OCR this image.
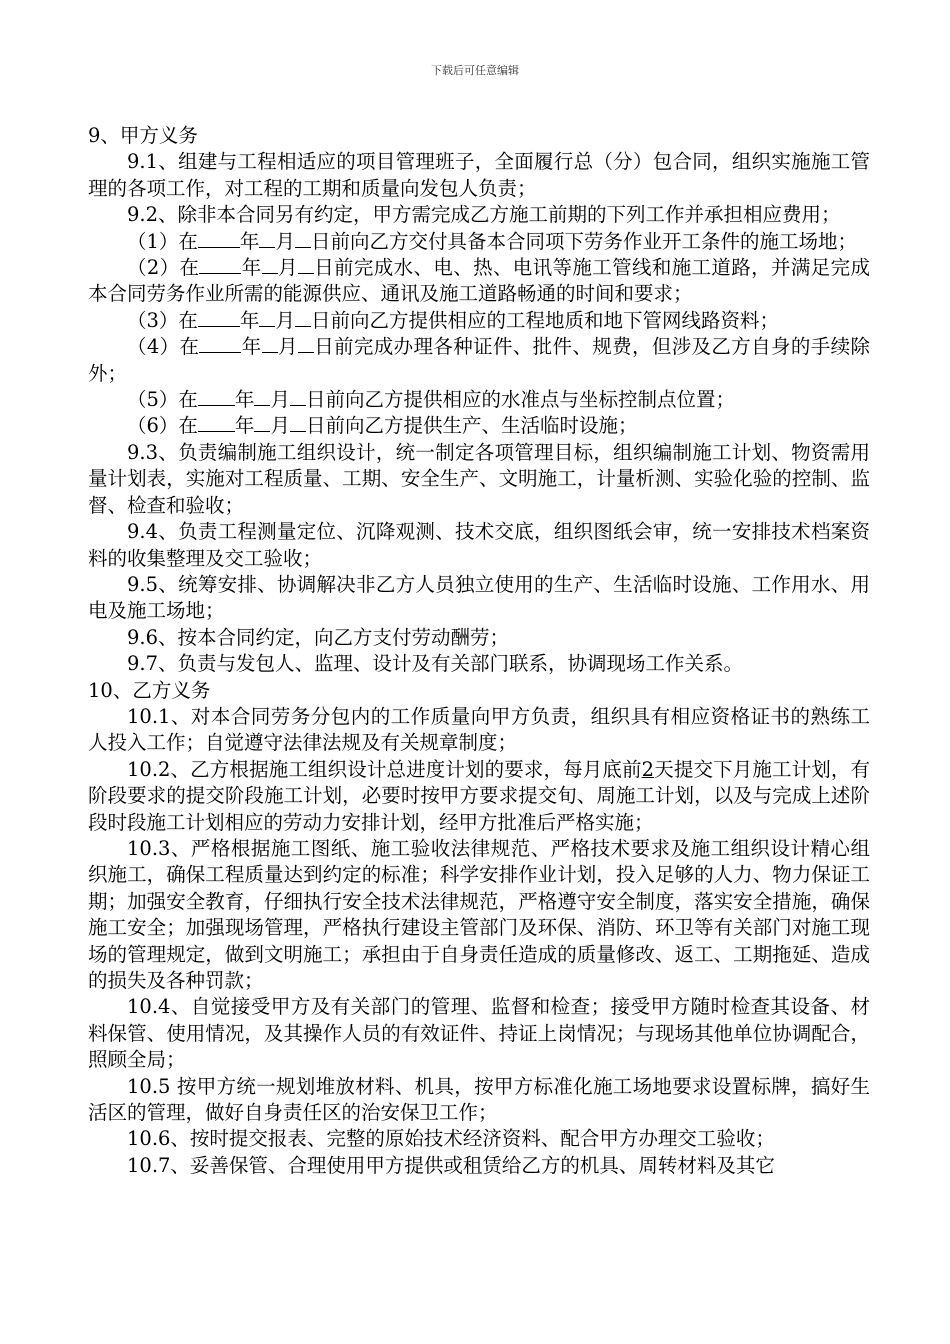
下载后可任意编辑

9、甲方义务

9.1、组建与工程相适应的项目管理班子，全面履行总（分）包合同，组织实施施工管理的各项工作，对工程的工期和质量向发包人负责；

9.2、除非本合同另有约定，甲方需完成乙方施工前期的下列工作并承担相应费用；

（1）在 年 月 日前向乙方交付具备本合同项下劳务作业开工条件的施工场地；

（2）在 年 月 日前完成水、电、热、电讯等施工管线和施工道路，并满足完成本合同劳务作业所需的能源供应、通讯及施工道路畅通的时间和要求；

（3）在 年 月 日前向乙方提供相应的工程地质和地下管网线路资料；

（4）在 年 月 日前完成办理各种证件、批件、规费，但涉及乙方自身的手续除外；

（5）在 年 月 日前向乙方提供相应的水准点与坐标控制点位置；

（6）在 年 月 日前向乙方提供生产、生活临时设施；

9.3、负责编制施工组织设计，统一制定各项管理目标，组织编制施工计划、物资需用量计划表，实施对工程质量、工期、安全生产、文明施工，计量析测、实验化验的控制、监督、检查和验收；

9.4、负责工程测量定位、沉降观测、技术交底，组织图纸会审，统一安排技术档案资料的收集整理及交工验收；

9.5、统筹安排、协调解决非乙方人员独立使用的生产、生活临时设施、工作用水、用电及施工场地；

9.6、按本合同约定，向乙方支付劳动酬劳；

9.7、负责与发包人、监理、设计及有关部门联系，协调现场工作关系。

10、乙方义务

10.1、对本合同劳务分包内的工作质量向甲方负责，组织具有相应资格证书的熟练工人投入工作；自觉遵守法律法规及有关规章制度；

10.2、乙方根据施工组织设计总进度计划的要求，每月底前2天提交下月施工计划，有阶段要求的提交阶段施工计划，必要时按甲方要求提交旬、周施工计划，以及与完成上述阶段时段施工计划相应的劳动力安排计划，经甲方批准后严格实施；

10.3、严格根据施工图纸、施工验收法律规范、严格技术要求及施工组织设计精心组织施工，确保工程质量达到约定的标准；科学安排作业计划，投入足够的人力、物力保证工期；加强安全教育，仔细执行安全技术法律规范，严格遵守安全制度，落实安全措施，确保施工安全；加强现场管理，严格执行建设主管部门及环保、消防、环卫等有关部门对施工现场的管理规定，做到文明施工；承担由于自身责任造成的质量修改、返工、工期拖延、造成的损失及各种罚款；

10.4、自觉接受甲方及有关部门的管理、监督和检查；接受甲方随时检查其设备、材料保管、使用情况，及其操作人员的有效证件、持证上岗情况；与现场其他单位协调配合，照顾全局；

10.5 按甲方统一规划堆放材料、机具，按甲方标准化施工场地要求设置标牌，搞好生活区的管理，做好自身责任区的治安保卫工作；

10.6、按时提交报表、完整的原始技术经济资料、配合甲方办理交工验收；

10.7、妥善保管、合理使用甲方提供或租赁给乙方的机具、周转材料及其它
